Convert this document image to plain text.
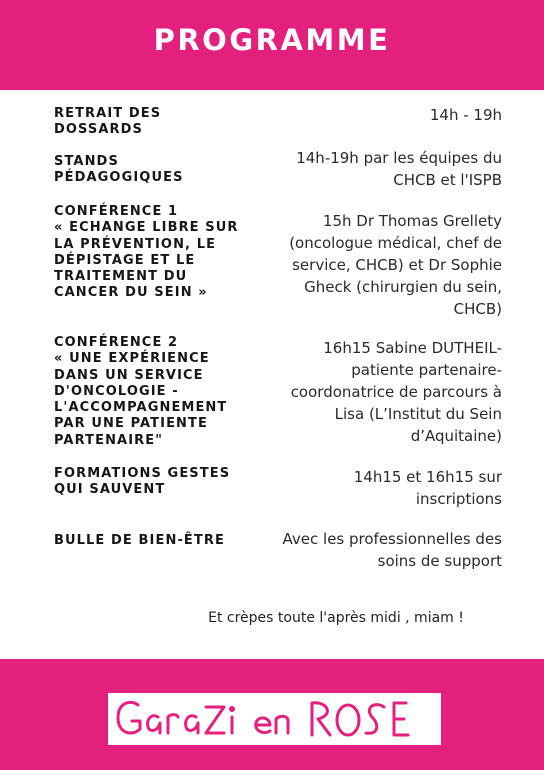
PROGRAMME
RETRAIT DES
DOSSARDS
14h - 19h
STANDS
PÉDAGOGIQUES
14h-19h par les équipes du
CHCB et l'ISPB
CONFÉRENCE 1
« ECHANGE LIBRE SUR
LA PRÉVENTION, LE
DÉPISTAGE ET LE
TRAITEMENT DU
CANCER DU SEIN »
15h Dr Thomas Grellety
(oncologue médical, chef de
service, CHCB) et Dr Sophie
Gheck (chirurgien du sein,
CHCB)
CONFÉRENCE 2
« UNE EXPÉRIENCE
DANS UN SERVICE
D'ONCOLOGIE -
L'ACCOMPAGNEMENT
PAR UNE PATIENTE
PARTENAIRE"
16h15 Sabine DUTHEIL-
patiente partenaire-
coordonatrice de parcours à
Lisa (L’Institut du Sein
d’Aquitaine)
FORMATIONS GESTES
QUI SAUVENT
14h15 et 16h15 sur
inscriptions
BULLE DE BIEN-ÊTRE	Avec les professionnelles des
soins de support
Et crèpes toute l'après midi , miam !
